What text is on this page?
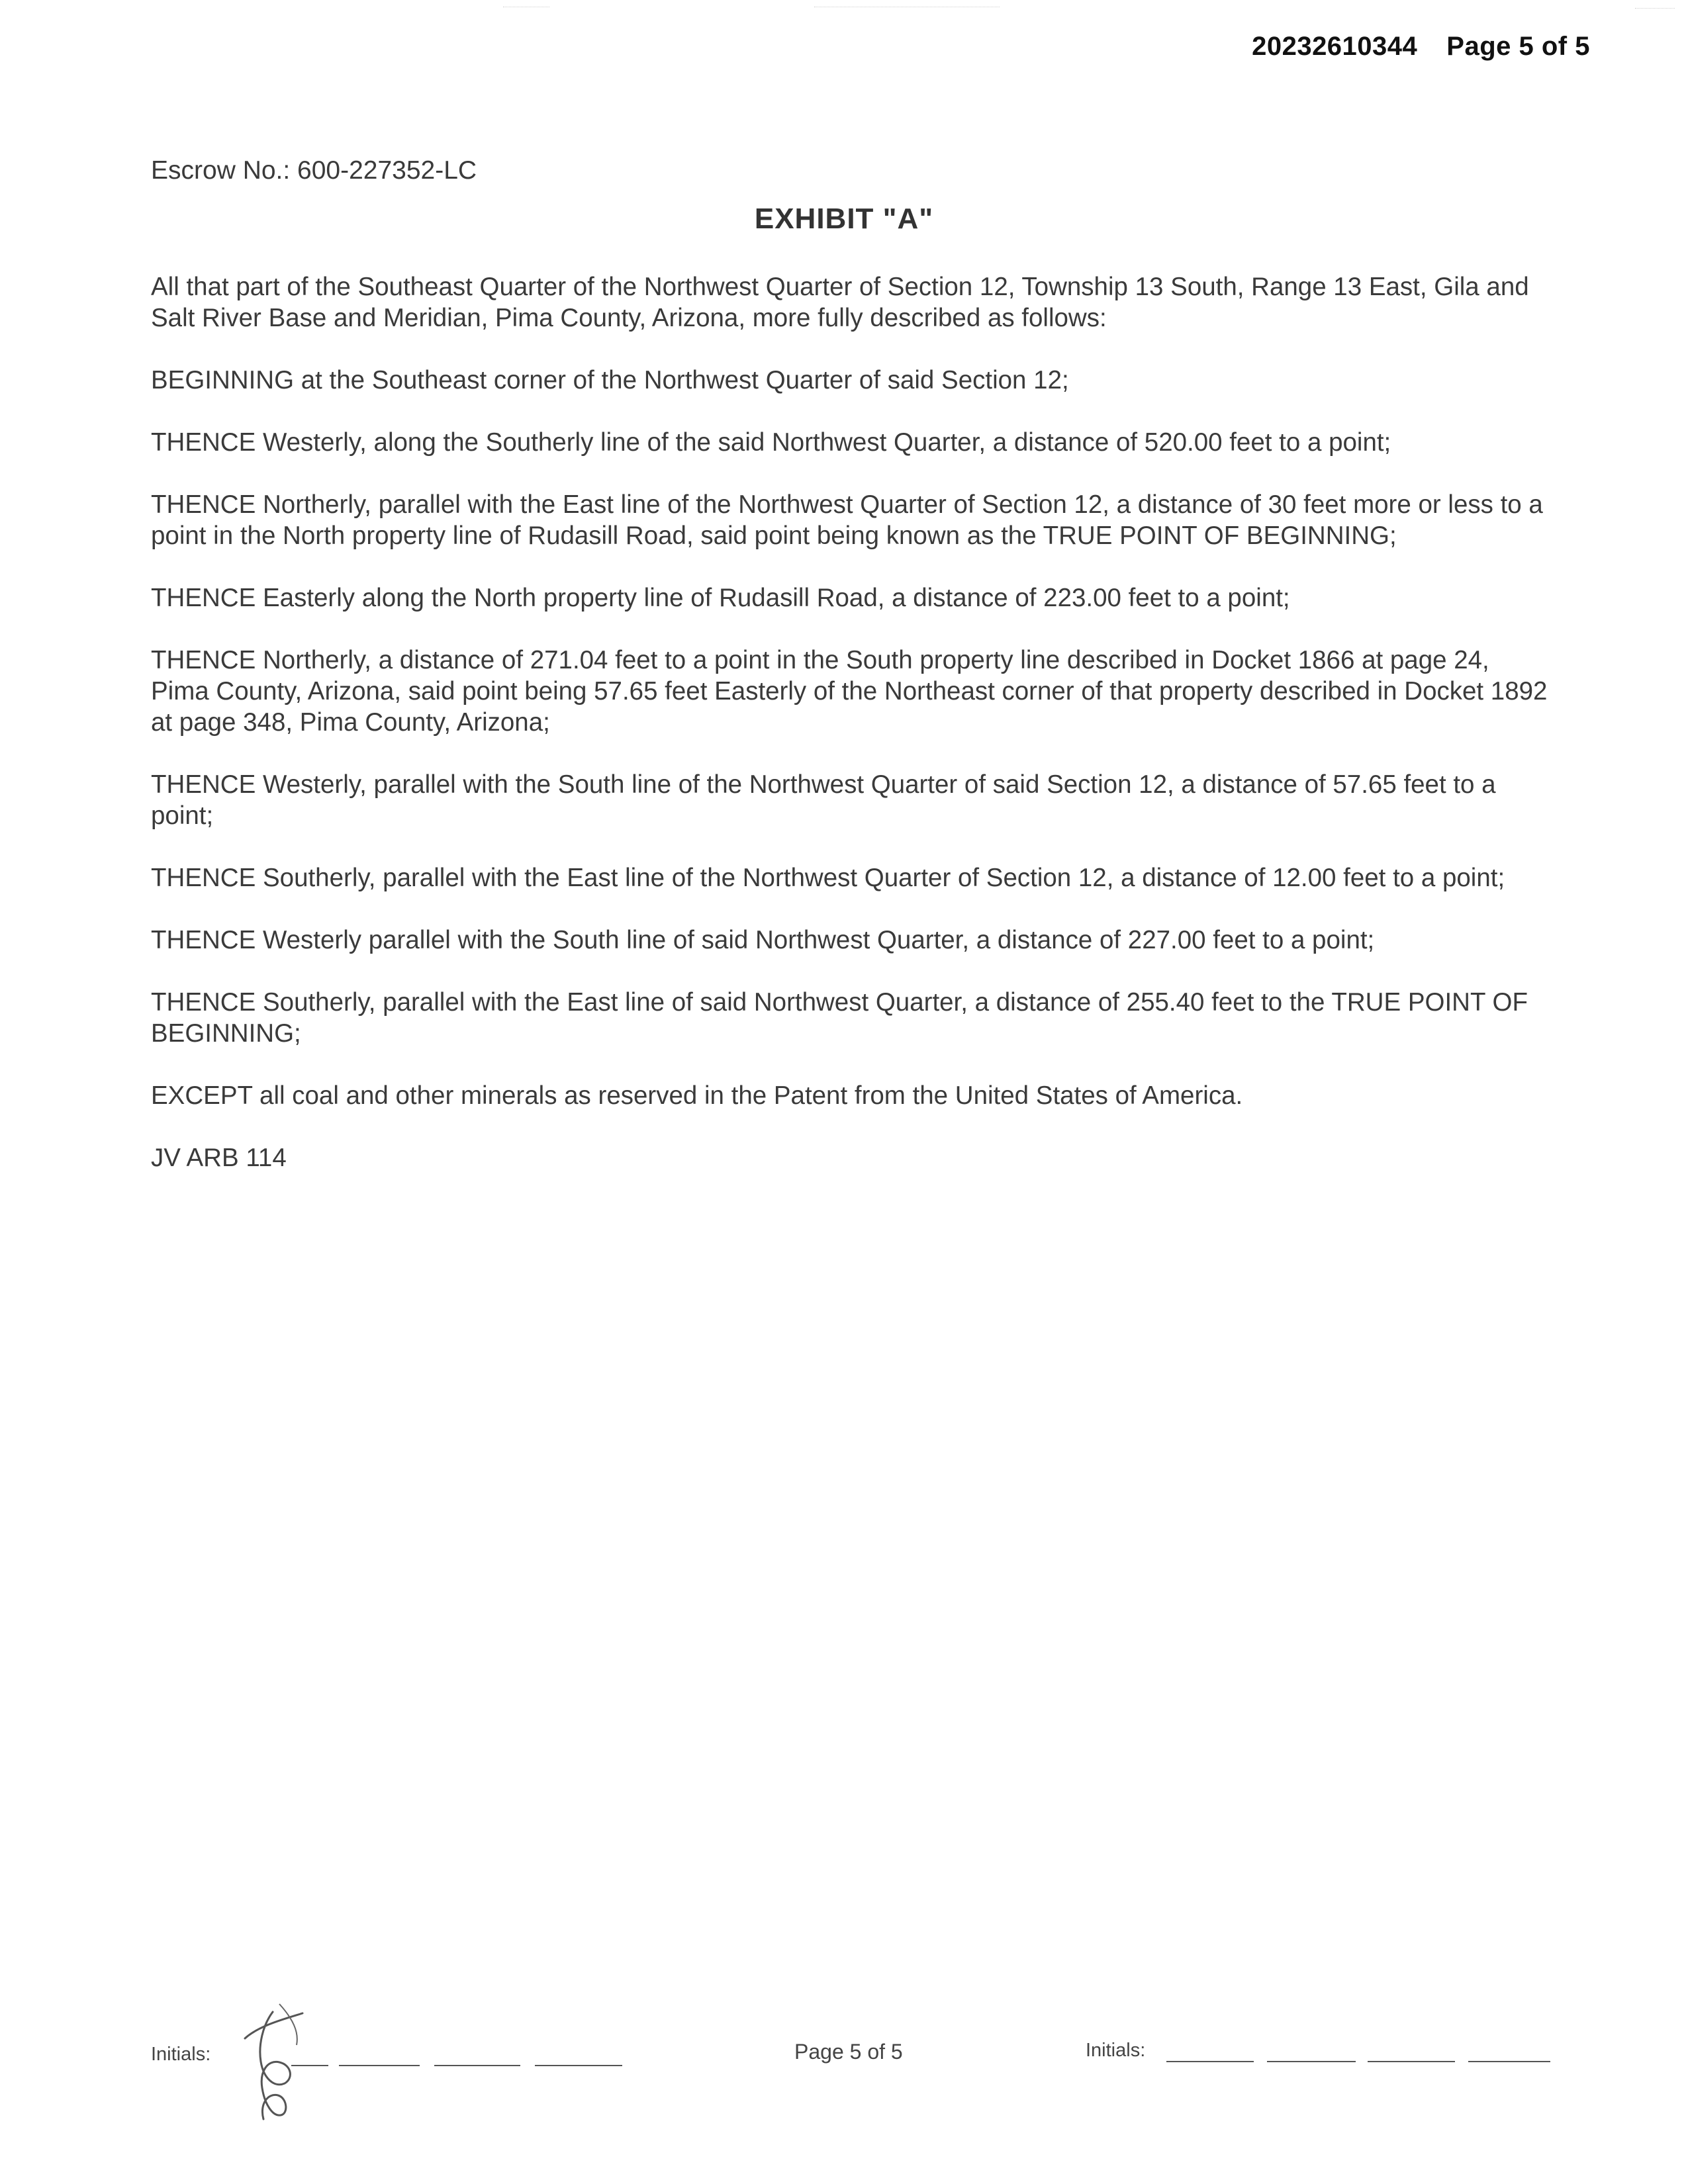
20232610344 Page 5 of 5
Escrow No.: 600-227352-LC
EXHIBIT "A"

All that part of the Southeast Quarter of the Northwest Quarter of Section 12, Township 13 South, Range 13 East, Gila and Salt River Base and Meridian, Pima County, Arizona, more fully described as follows:

BEGINNING at the Southeast corner of the Northwest Quarter of said Section 12;

THENCE Westerly, along the Southerly line of the said Northwest Quarter, a distance of 520.00 feet to a point;

THENCE Northerly, parallel with the East line of the Northwest Quarter of Section 12, a distance of 30 feet more or less to a point in the North property line of Rudasill Road, said point being known as the TRUE POINT OF BEGINNING;

THENCE Easterly along the North property line of Rudasill Road, a distance of 223.00 feet to a point;

THENCE Northerly, a distance of 271.04 feet to a point in the South property line described in Docket 1866 at page 24, Pima County, Arizona, said point being 57.65 feet Easterly of the Northeast corner of that property described in Docket 1892 at page 348, Pima County, Arizona;

THENCE Westerly, parallel with the South line of the Northwest Quarter of said Section 12, a distance of 57.65 feet to a point;

THENCE Southerly, parallel with the East line of the Northwest Quarter of Section 12, a distance of 12.00 feet to a point;

THENCE Westerly parallel with the South line of said Northwest Quarter, a distance of 227.00 feet to a point;

THENCE Southerly, parallel with the East line of said Northwest Quarter, a distance of 255.40 feet to the TRUE POINT OF BEGINNING;

EXCEPT all coal and other minerals as reserved in the Patent from the United States of America.

JV ARB 114

Initials:	Page 5 of 5	Initials:
